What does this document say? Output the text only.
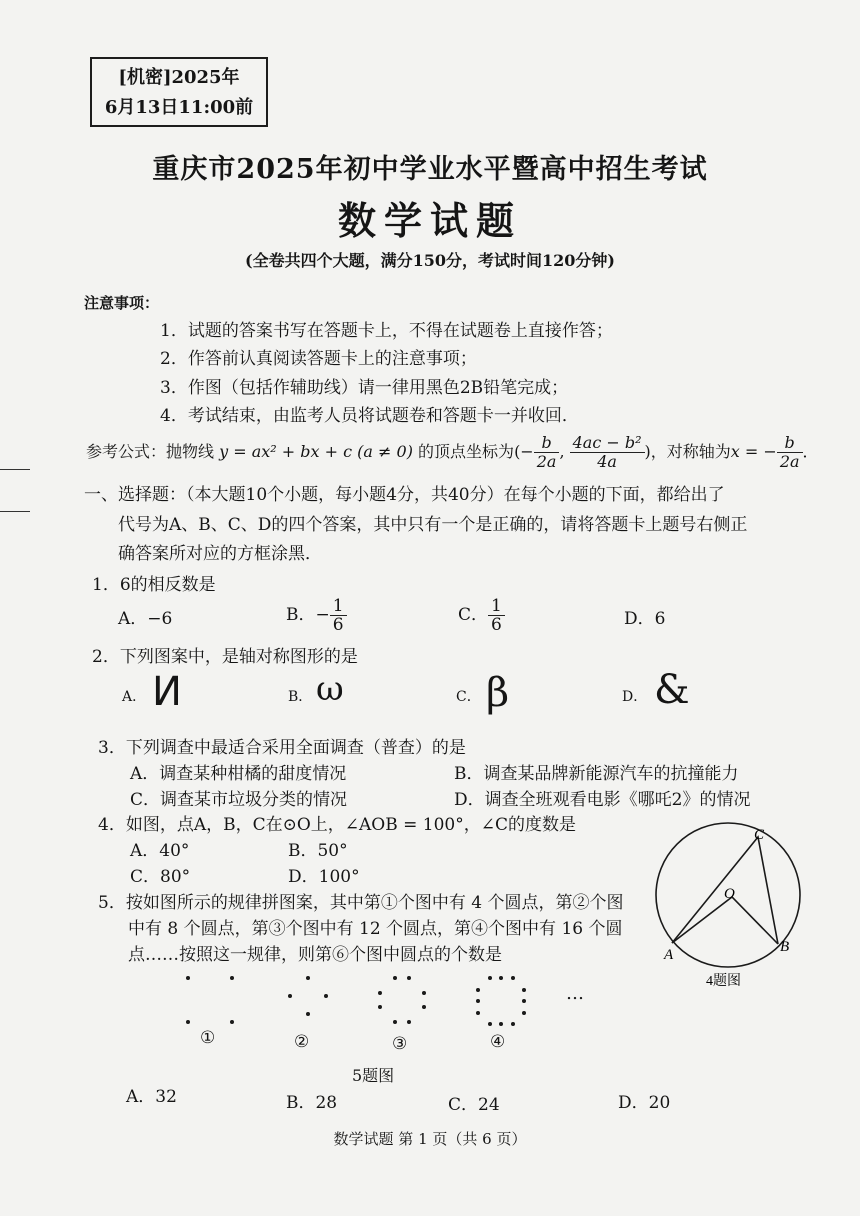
[机密]2025年
6月13日11:00前
重庆市2025年初中学业水平暨高中招生考试
数学试题
(全卷共四个大题，满分150分，考试时间120分钟)
注意事项：
1．试题的答案书写在答题卡上，不得在试题卷上直接作答；
2．作答前认真阅读答题卡上的注意事项；
3．作图（包括作辅助线）请一律用黑色2B铅笔完成；
4．考试结束，由监考人员将试题卷和答题卡一并收回．
参考公式：抛物线 y = ax² + bx + c (a ≠ 0) 的顶点坐标为(− $\frac{b}{2a}$ , $\frac{\text{4ac − b²}}{4a}$ )，对称轴为x = − $\frac{b}{2a}$ ．
一、选择题：（本大题10个小题，每小题4分，共40分）在每个小题的下面，都给出了
代号为A、B、C、D的四个答案，其中只有一个是正确的，请将答题卡上题号右侧正
确答案所对应的方框涂黑．
1．6的相反数是
A．−6	B．− $\frac{1}{6}$	C． $\frac{1}{6}$	D．6
2．下列图案中，是轴对称图形的是
A． И	B． ω	C． β	D． &
3．下列调查中最适合采用全面调查（普查）的是
A．调查某种柑橘的甜度情况	B．调查某品牌新能源汽车的抗撞能力
C．调查某市垃圾分类的情况	D．调查全班观看电影《哪吒2》的情况
4．如图，点A，B，C在⊙O上，∠AOB = 100°，∠C的度数是
A．40°	B．50°
C．80°	D．100°
C
O
A	B
4题图
5．按如图所示的规律拼图案，其中第①个图中有 4 个圆点，第②个图
中有 8 个圆点，第③个图中有 12 个圆点，第④个图中有 16 个圆
点……按照这一规律，则第⑥个图中圆点的个数是
…
①	②	③	④
5题图
A．32	B．28	C．24	D．20
数学试题 第 1 页（共 6 页）
